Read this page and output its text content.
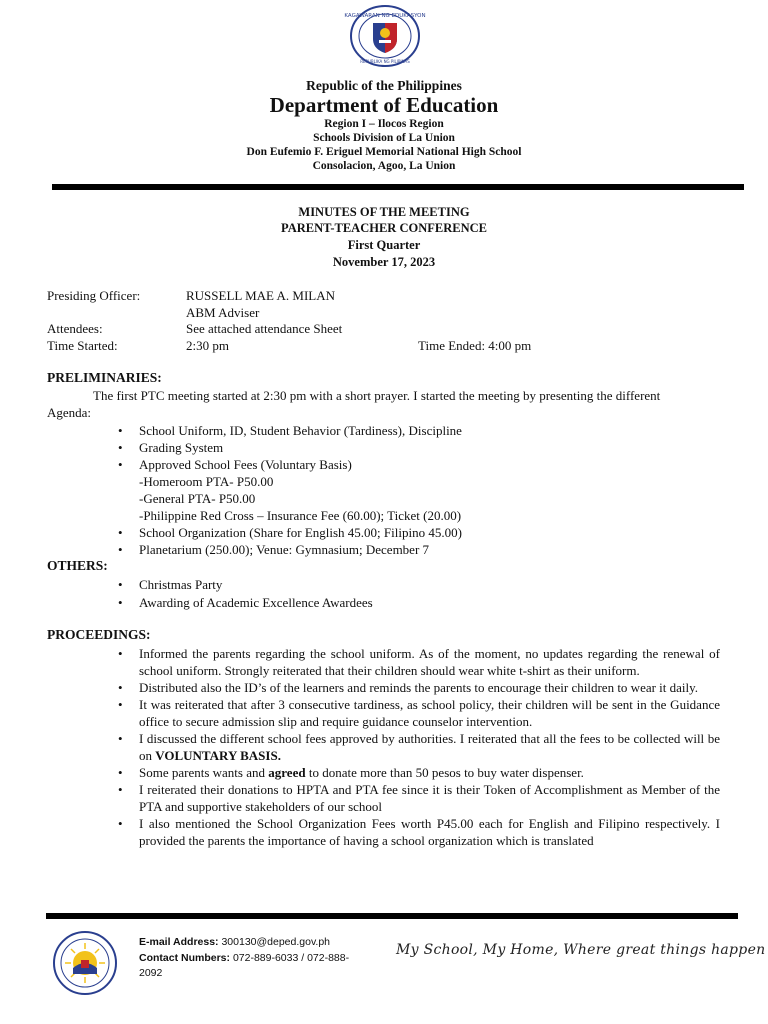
KAGAWARAN NG EDUKASYON
REPUBLIKA NG PILIPINAS
Republic of the Philippines
Department of Education
Region I – Ilocos Region
Schools Division of La Union
Don Eufemio F. Eriguel Memorial National High School
Consolacion, Agoo, La Union
MINUTES OF THE MEETING
PARENT-TEACHER CONFERENCE
First Quarter
November 17, 2023
Presiding Officer:	RUSSELL MAE A. MILAN
ABM Adviser
Attendees:	See attached attendance Sheet
Time Started:	2:30 pm	Time Ended: 4:00 pm
PRELIMINARIES:
The first PTC meeting started at 2:30 pm with a short prayer. I started the meeting by presenting the different
Agenda:
• School Uniform, ID, Student Behavior (Tardiness), Discipline
• Grading System
• Approved School Fees (Voluntary Basis)
-Homeroom PTA- P50.00
-General PTA- P50.00
-Philippine Red Cross – Insurance Fee (60.00); Ticket (20.00)
• School Organization (Share for English 45.00; Filipino 45.00)
• Planetarium (250.00); Venue: Gymnasium; December 7
OTHERS:
• Christmas Party
• Awarding of Academic Excellence Awardees
PROCEEDINGS:
• Informed the parents regarding the school uniform. As of the moment, no updates regarding the renewal of school uniform. Strongly reiterated that their children should wear white t-shirt as their uniform.
• Distributed also the ID’s of the learners and reminds the parents to encourage their children to wear it daily.
• It was reiterated that after 3 consecutive tardiness, as school policy, their children will be sent in the Guidance office to secure admission slip and require guidance counselor intervention.
• I discussed the different school fees approved by authorities. I reiterated that all the fees to be collected will be on VOLUNTARY BASIS.
• Some parents wants and agreed to donate more than 50 pesos to buy water dispenser.
• I reiterated their donations to HPTA and PTA fee since it is their Token of Accomplishment as Member of the PTA and supportive stakeholders of our school
• I also mentioned the School Organization Fees worth P45.00 each for English and Filipino respectively. I provided the parents the importance of having a school organization which is translated
E-mail Address: 300130@deped.gov.ph
Contact Numbers: 072-889-6033 / 072-888-
2092
My School, My Home, Where great things happen
